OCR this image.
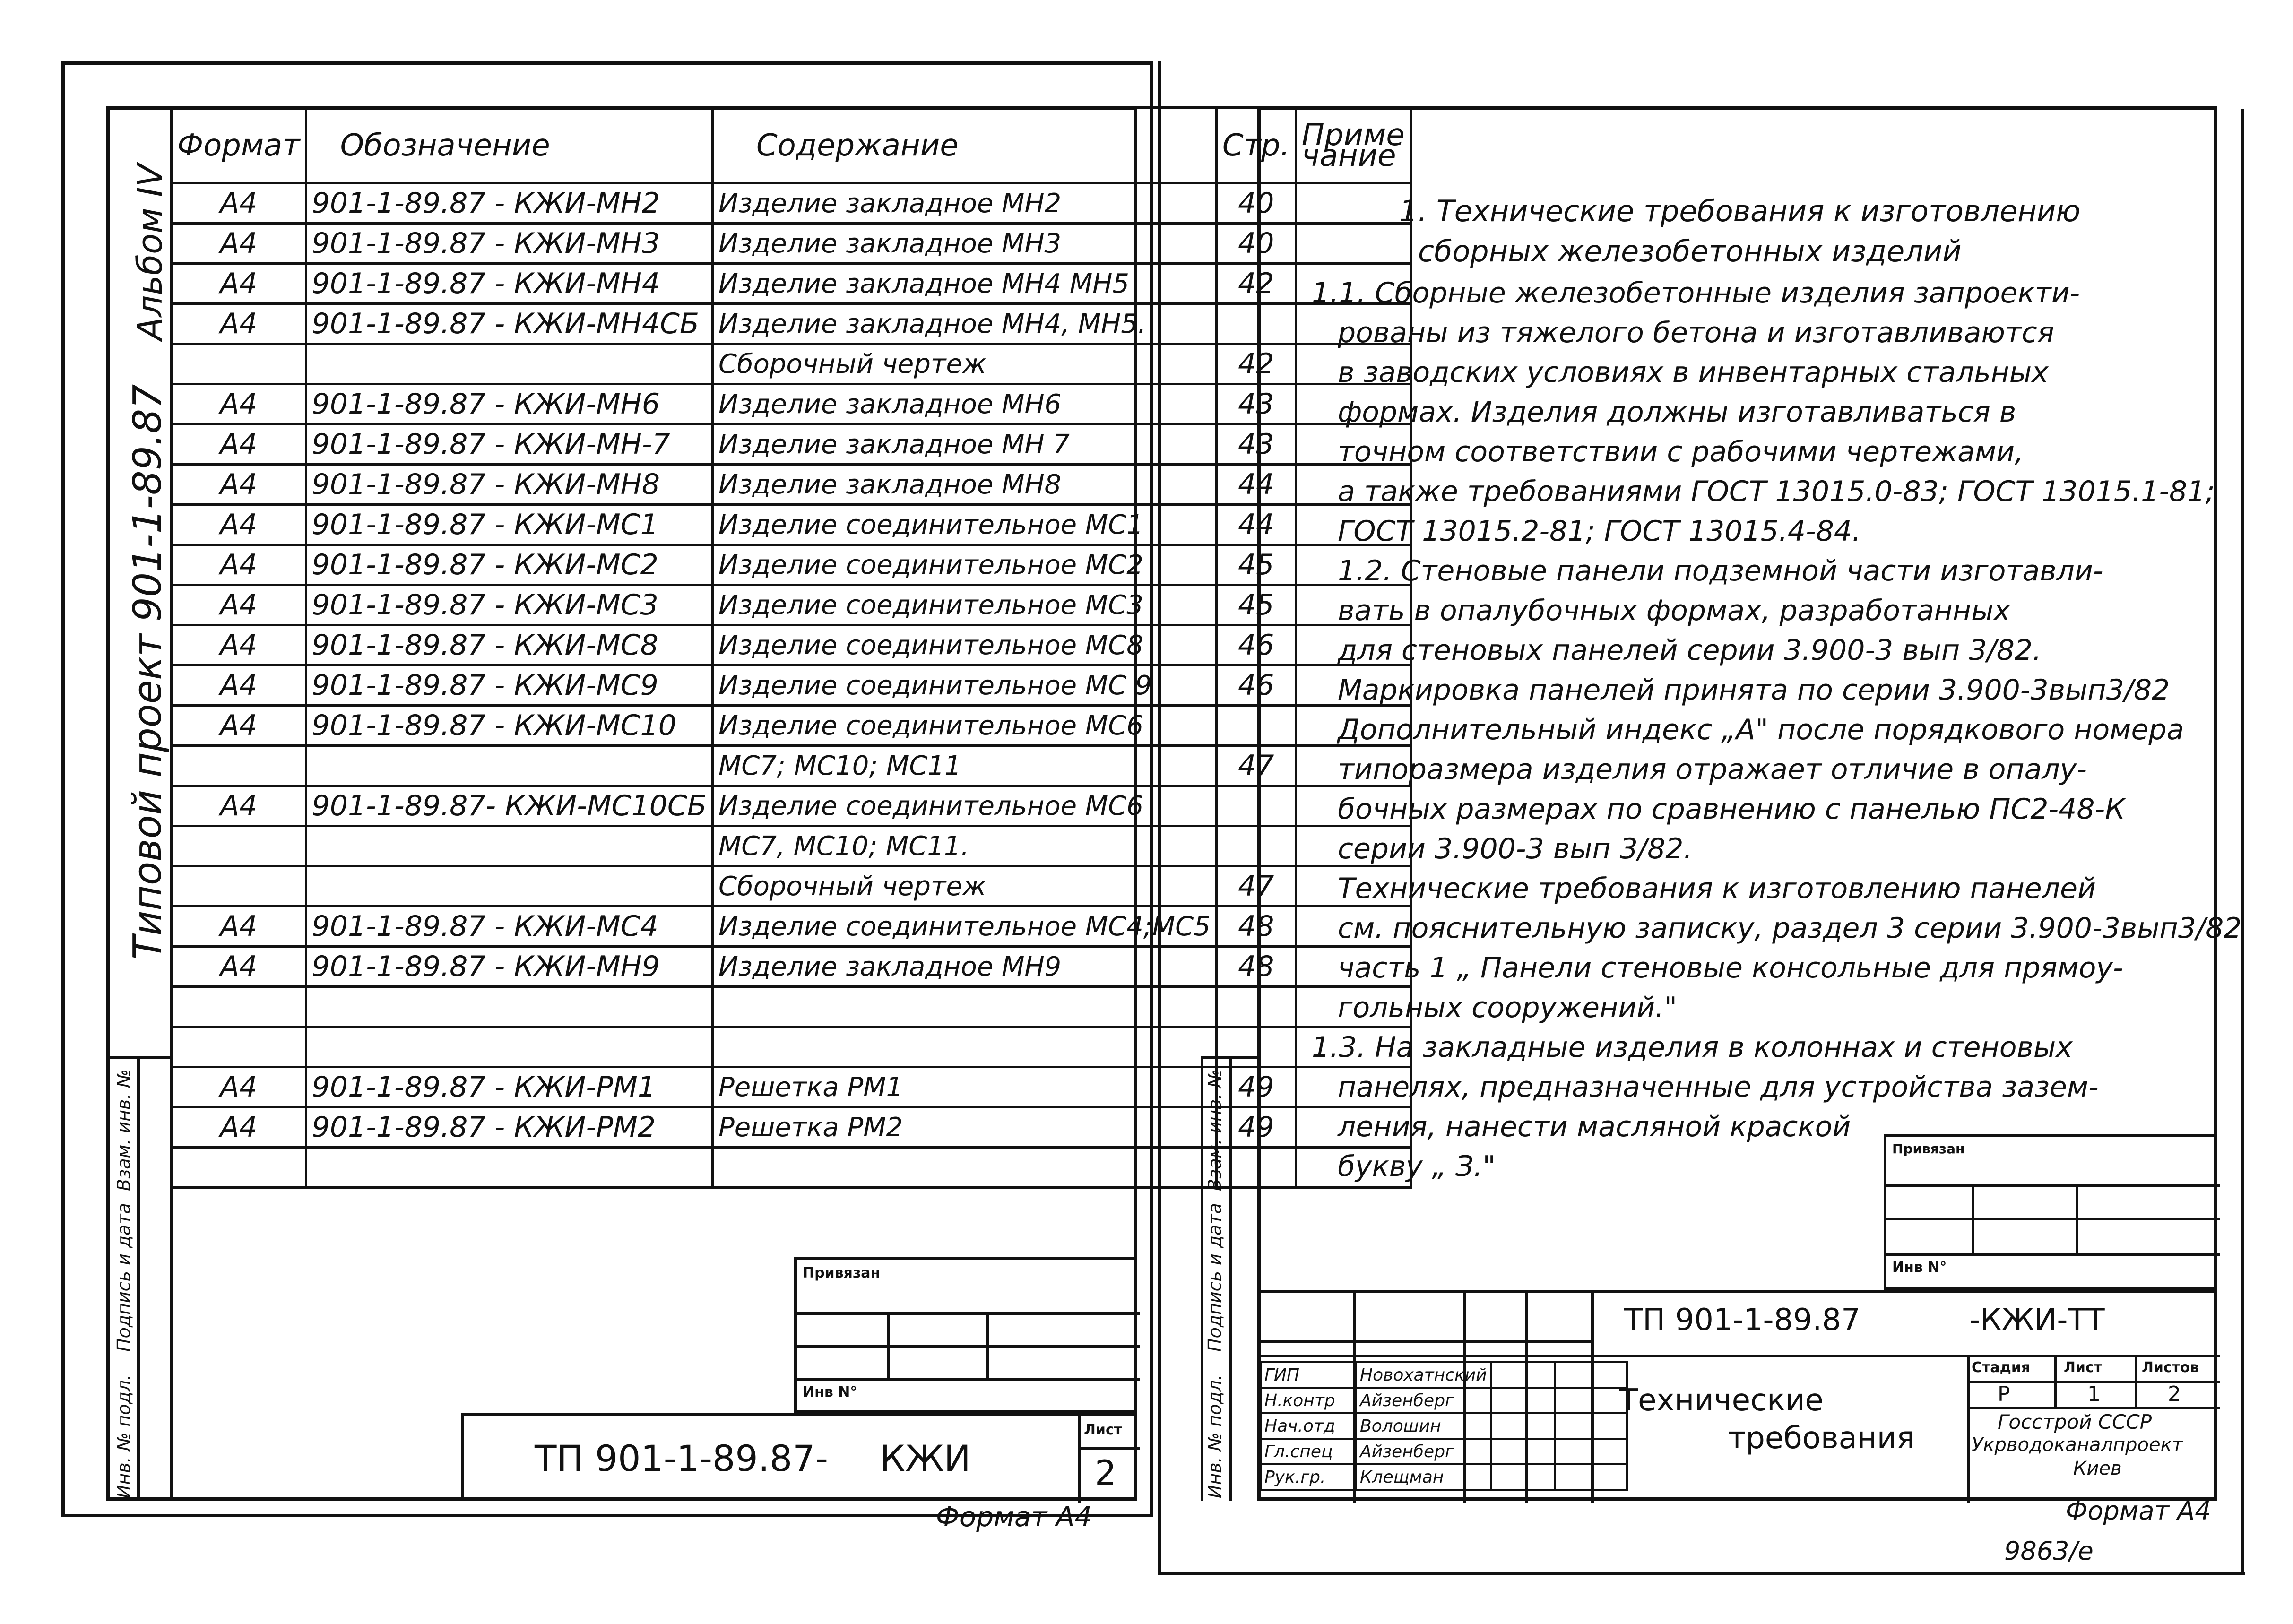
Альбом IV
Типовой проект 901-1-89.87
Инв. № подл.
Подпись и дата
Взам. инв. №
Формат	Обозначение	Содержание	Стр.	Приме чание
А4	901-1-89.87 - КЖИ-МН2	Изделие закладное МН2	40	
А4	901-1-89.87 - КЖИ-МН3	Изделие закладное МН3	40	
А4	901-1-89.87 - КЖИ-МН4	Изделие закладное МН4 МН5	42	
А4	901-1-89.87 - КЖИ-МН4СБ	Изделие закладное МН4, МН5.		
		Сборочный чертеж	42	
А4	901-1-89.87 - КЖИ-МН6	Изделие закладное МН6	43	
А4	901-1-89.87 - КЖИ-МН-7	Изделие закладное МН 7	43	
А4	901-1-89.87 - КЖИ-МН8	Изделие закладное МН8	44	
А4	901-1-89.87 - КЖИ-МС1	Изделие соединительное МС1	44	
А4	901-1-89.87 - КЖИ-МС2	Изделие соединительное МС2	45	
А4	901-1-89.87 - КЖИ-МС3	Изделие соединительное МС3	45	
А4	901-1-89.87 - КЖИ-МС8	Изделие соединительное МС8	46	
А4	901-1-89.87 - КЖИ-МС9	Изделие соединительное МС 9	46	
А4	901-1-89.87 - КЖИ-МС10	Изделие соединительное МС6		
		МС7; МС10; МС11	47	
А4	901-1-89.87- КЖИ-МС10СБ	Изделие соединительное МС6		
		МС7, МС10; МС11.		
		Сборочный чертеж	47	
А4	901-1-89.87 - КЖИ-МС4	Изделие соединительное МС4;МС5	48	
А4	901-1-89.87 - КЖИ-МН9	Изделие закладное МН9	48	

А4	901-1-89.87 - КЖИ-РМ1	Решетка РМ1	49	
А4	901-1-89.87 - КЖИ-РМ2	Решетка РМ2	49	

Привязан
Инв N°
ТП 901-1-89.87- КЖИ
Лист
2
Формат А4
Инв. № подл.
Подпись и дата
Взам. инв. №
1. Технические требования к изготовлению
сборных железобетонных изделий
1.1. Сборные железобетонные изделия запроекти-
рованы из тяжелого бетона и изготавливаются
в заводских условиях в инвентарных стальных
формах. Изделия должны изготавливаться в
точном соответствии с рабочими чертежами,
а также требованиями ГОСТ 13015.0-83; ГОСТ 13015.1-81;
ГОСТ 13015.2-81; ГОСТ 13015.4-84.
1.2. Стеновые панели подземной части изготавли-
вать в опалубочных формах, разработанных
для стеновых панелей серии 3.900-3 вып 3/82.
Маркировка панелей принята по серии 3.900-3вып3/82
Дополнительный индекс „А" после порядкового номера
типоразмера изделия отражает отличие в опалу-
бочных размерах по сравнению с панелью ПС2-48-К
серии 3.900-3 вып 3/82.
Технические требования к изготовлению панелей
см. пояснительную записку, раздел 3 серии 3.900-3вып3/82
часть 1 „ Панели стеновые консольные для прямоу-
гольных сооружений."
1.3. На закладные изделия в колоннах и стеновых
панелях, предназначенные для устройства зазем-
ления, нанести масляной краской
букву „ З."
Привязан
Инв N°
ТП 901-1-89.87	-КЖИ-ТТ
Технические
требования
Стадия Лист	Листов
Р	1	2
Госстрой СССР
Укрводоканалпроект
Киев
ГИП	Новохатнский		
Н.контр	Айзенберг		
Нач.отд	Волошин		
Гл.спец	Айзенберг		
Рук.гр.	Клещман		
Формат А4
9863/е
